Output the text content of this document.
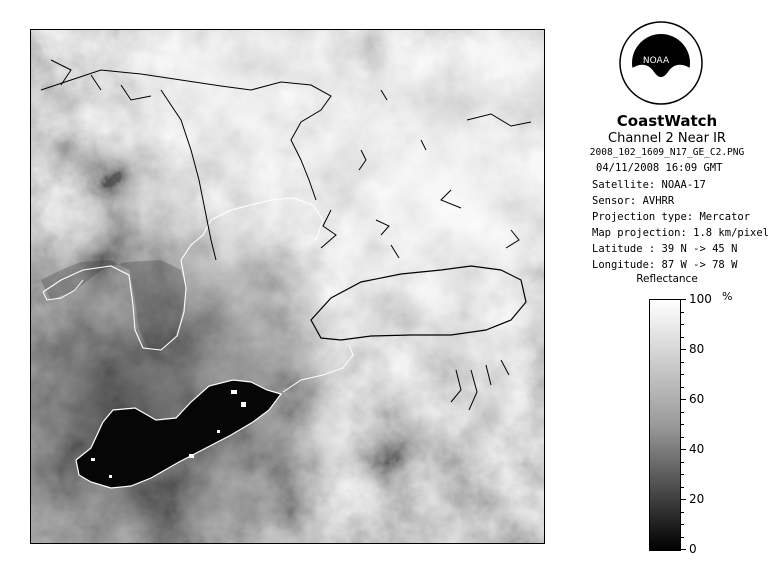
NOAA
CoastWatch
Channel 2 Near IR
2008_102_1609_N17_GE_C2.PNG
04/11/2008 16:09 GMT
Satellite: NOAA-17
Sensor: AVHRR
Projection type: Mercator
Map projection: 1.8 km/pixel
Latitude : 39 N -> 45 N
Longitude: 87 W -> 78 W
Reflectance
%
100
80
60
40
20
0
